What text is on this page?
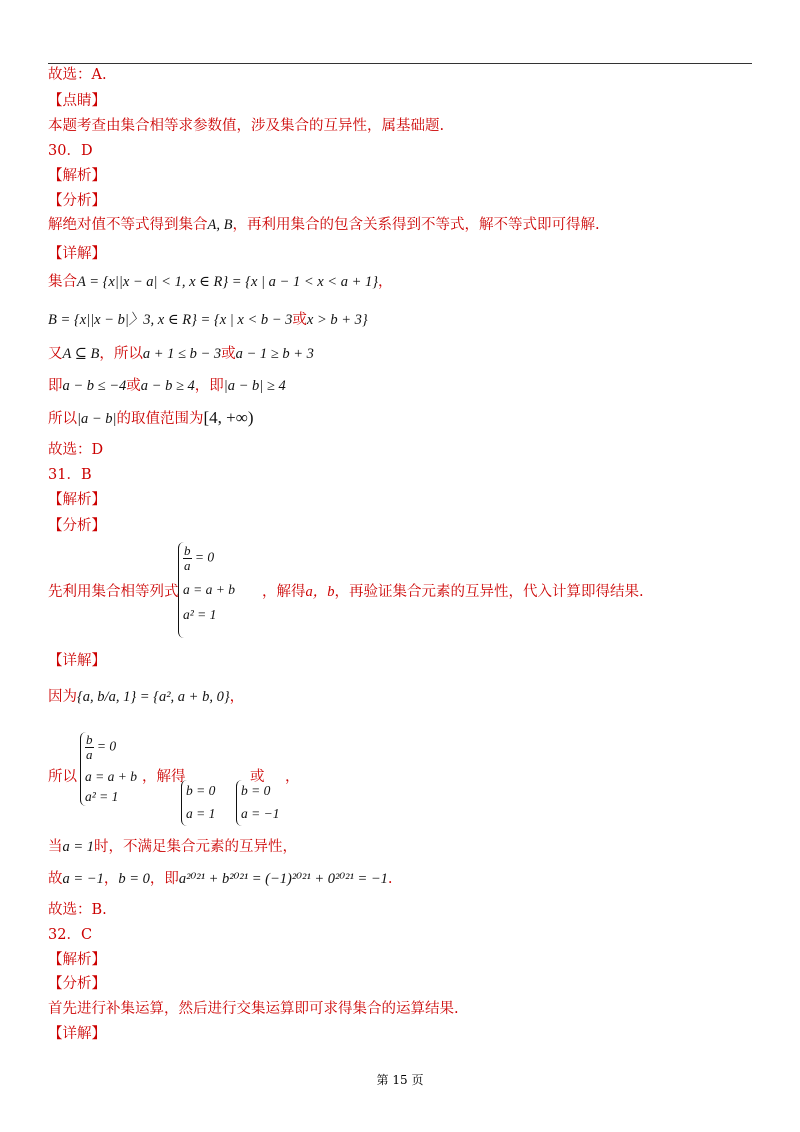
故选：A.
【点睛】
本题考查由集合相等求参数值，涉及集合的互异性，属基础题.
30．D
【解析】
【分析】
解绝对值不等式得到集合A, B，再利用集合的包含关系得到不等式，解不等式即可得解.
【详解】
集合A = {x||x − a| < 1, x ∈ R} = {x | a − 1 < x < a + 1}，
B = {x||x − b|〉3, x ∈ R} = {x | x < b − 3或x > b + 3}
又A ⊆ B，所以a + 1 ≤ b − 3或a − 1 ≥ b + 3
即a − b ≤ −4或a − b ≥ 4，即|a − b| ≥ 4
所以|a − b|的取值范围为[4, +∞)
故选：D
31．B
【解析】
【分析】
先利用集合相等列式
$\frac{b}{a} = 0$
a = a + b
a² = 1
，解得a，b，再验证集合元素的互异性，代入计算即得结果.
【详解】
因为{a, b/a, 1} = {a², a + b, 0}，
所以
$\frac{b}{a} = 0$
a = a + b
a² = 1
，解得	或 ，
b = 0
a = 1
b = 0
a = −1
当a = 1时，不满足集合元素的互异性，
故a = −1，b = 0，即a²⁰²¹ + b²⁰²¹ = (−1)²⁰²¹ + 0²⁰²¹ = −1.
故选：B.
32．C
【解析】
【分析】
首先进行补集运算，然后进行交集运算即可求得集合的运算结果.
【详解】
第 15 页
